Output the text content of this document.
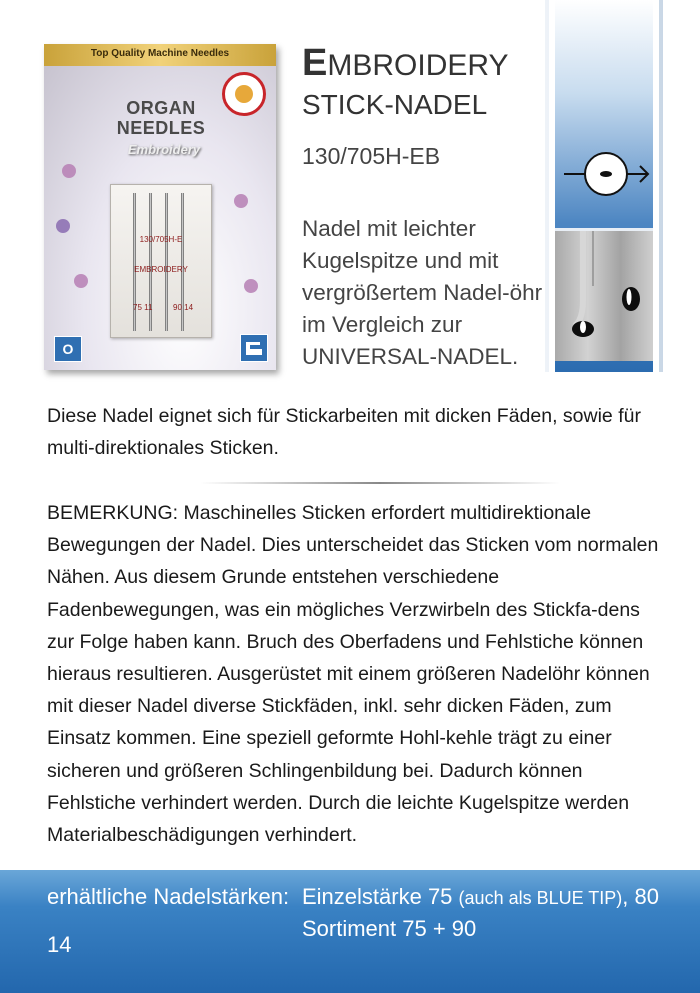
Top Quality Machine Needles
ORGAN NEEDLES
Embroidery
130/705H-E
EMBROIDERY
75 11	90 14
O
EMBROIDERY
STICK-NADEL
130/705H-EB
Nadel mit leichter Kugelspitze und mit vergrößertem Nadel-öhr im Vergleich zur UNIVERSAL-NADEL.
Diese Nadel eignet sich für Stickarbeiten mit dicken Fäden, sowie für multi-direktionales Sticken.
BEMERKUNG: Maschinelles Sticken erfordert multidirektionale Bewegungen der Nadel. Dies unterscheidet das Sticken vom normalen Nähen. Aus diesem Grunde entstehen verschiedene Fadenbewegungen, was ein mögliches Verzwirbeln des Stickfa-dens zur Folge haben kann. Bruch des Oberfadens und Fehlstiche können hieraus resultieren. Ausgerüstet mit einem größeren Nadelöhr können mit dieser Nadel diverse Stickfäden, inkl. sehr dicken Fäden, zum Einsatz kommen. Eine speziell geformte Hohl-kehle trägt zu einer sicheren und größeren Schlingenbildung bei. Dadurch können Fehlstiche verhindert werden. Durch die leichte Kugelspitze werden Materialbeschädigungen verhindert.
erhältliche Nadelstärken: Einzelstärke 75 (auch als BLUE TIP), 80
Sortiment 75 + 90
14
